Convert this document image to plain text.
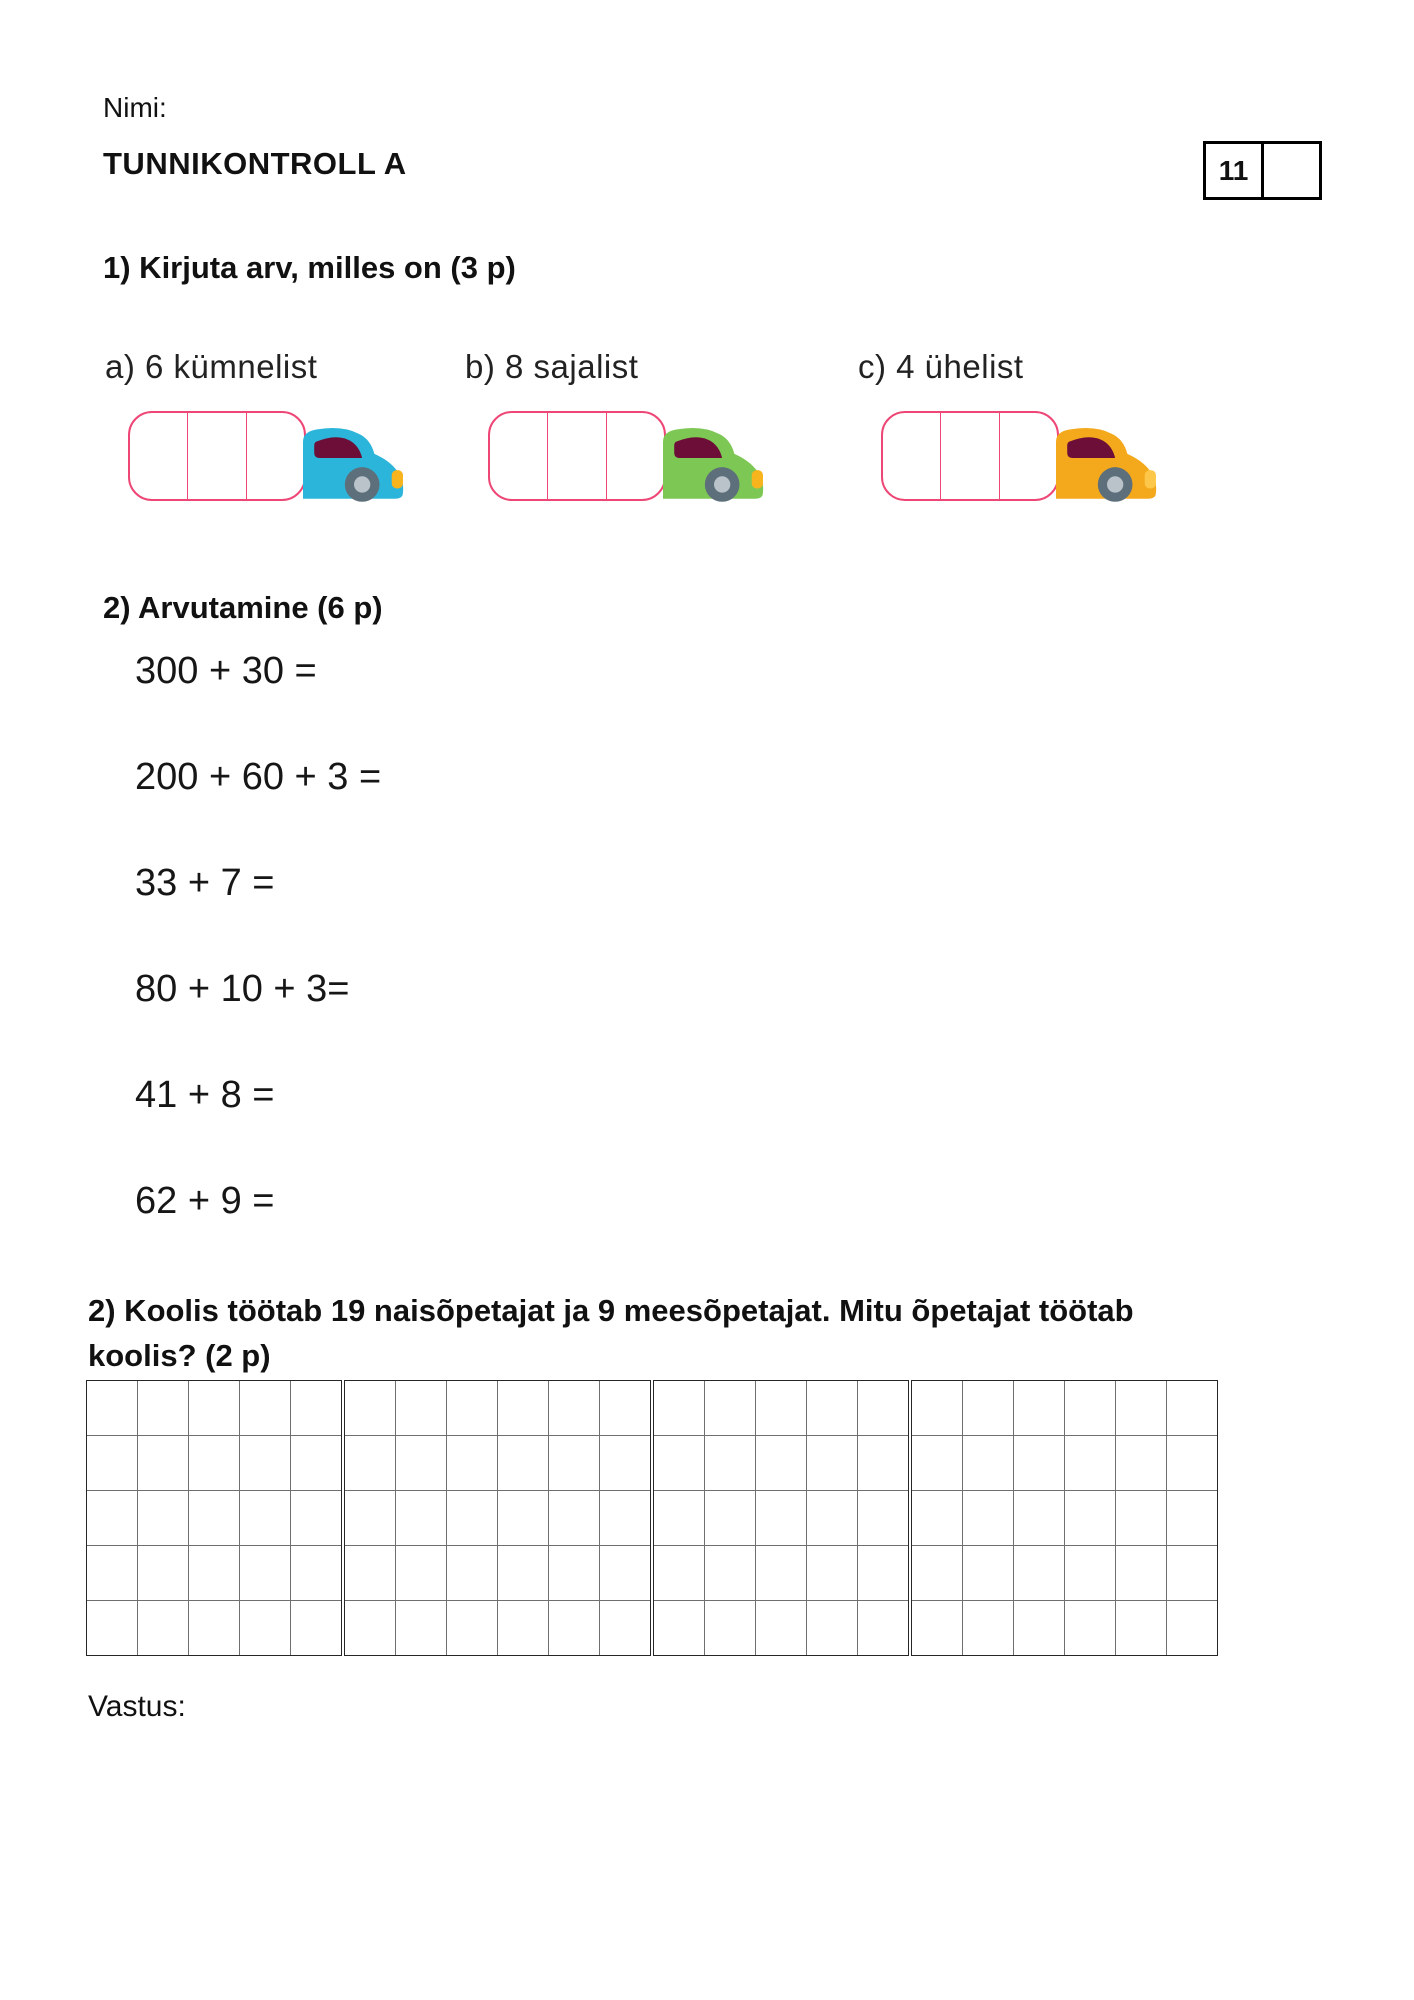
Nimi:
TUNNIKONTROLL A	11
1) Kirjuta arv, milles on (3 p)
a) 6 kümnelist	b) 8 sajalist	c) 4 ühelist
2) Arvutamine (6 p)
300 + 30 =
200 + 60 + 3 =
33 + 7 =
80 + 10 + 3=
41 + 8 =
62 + 9 =
2) Koolis töötab 19 naisõpetajat ja 9 meesõpetajat. Mitu õpetajat töötab
koolis? (2 p)
Vastus:
